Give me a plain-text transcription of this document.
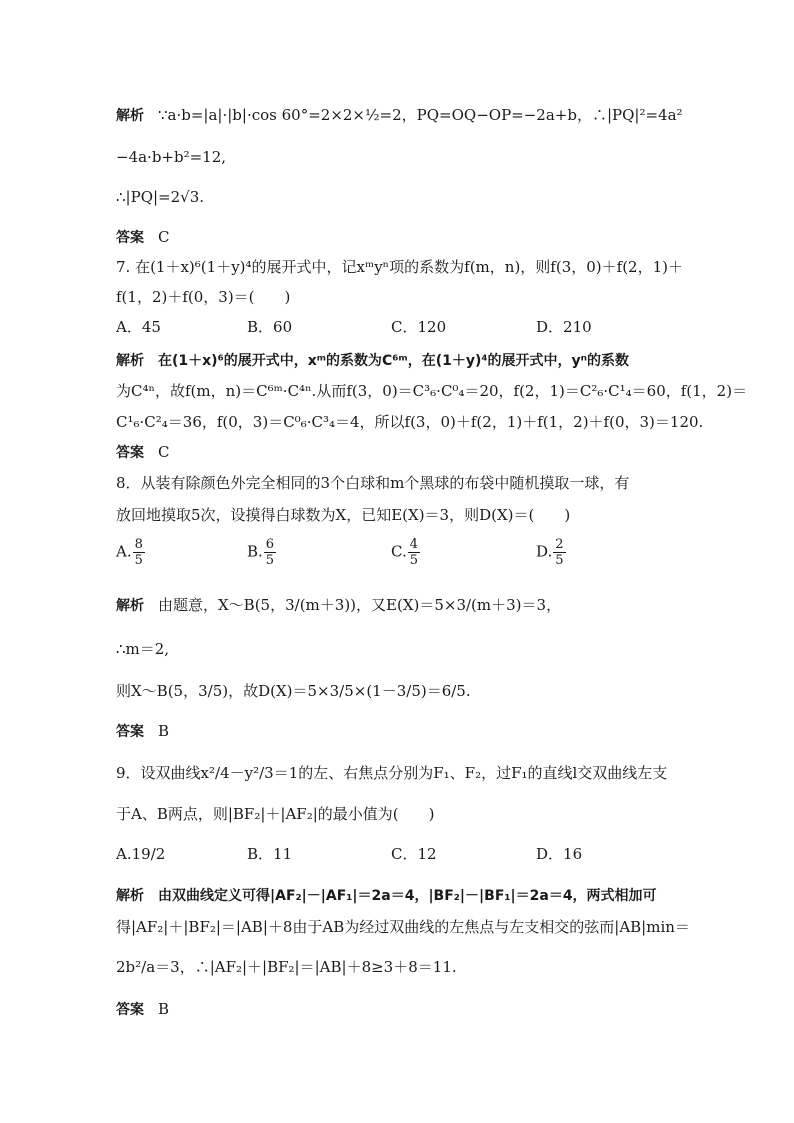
解析 ∵a·b=|a|·|b|·cos 60°=2×2×½=2，PQ=OQ−OP=−2a+b，∴|PQ|²=4a²
−4a·b+b²=12,
∴|PQ|=2√3.
答案 C
7. 在(1＋x)⁶(1＋y)⁴的展开式中，记xᵐyⁿ项的系数为f(m，n)，则f(3，0)＋f(2，1)＋
f(1，2)＋f(0，3)＝(　　)
A．45	B．60	C．120	D．210
解析 在(1＋x)⁶的展开式中，xᵐ的系数为C⁶ᵐ，在(1＋y)⁴的展开式中，yⁿ的系数
为C⁴ⁿ，故f(m，n)＝C⁶ᵐ·C⁴ⁿ.从而f(3，0)＝C³₆·C⁰₄＝20，f(2，1)＝C²₆·C¹₄＝60，f(1，2)＝
C¹₆·C²₄＝36，f(0，3)＝C⁰₆·C³₄＝4，所以f(3，0)＋f(2，1)＋f(1，2)＋f(0，3)＝120.
答案 C
8．从装有除颜色外完全相同的3个白球和m个黑球的布袋中随机摸取一球，有
放回地摸取5次，设摸得白球数为X，已知E(X)＝3，则D(X)＝(　　)
A. $\frac{8}{5}$	B. $\frac{6}{5}$	C. $\frac{4}{5}$	D. $\frac{2}{5}$
解析 由题意，X～B(5，3/(m＋3))，又E(X)＝5×3/(m＋3)＝3，
∴m＝2,
则X～B(5，3/5)，故D(X)＝5×3/5×(1－3/5)＝6/5.
答案 B
9．设双曲线x²/4－y²/3＝1的左、右焦点分别为F₁、F₂，过F₁的直线l交双曲线左支
于A、B两点，则|BF₂|＋|AF₂|的最小值为(　　)
A.19/2	B．11	C．12	D．16
解析 由双曲线定义可得|AF₂|－|AF₁|＝2a＝4，|BF₂|－|BF₁|＝2a＝4，两式相加可
得|AF₂|＋|BF₂|＝|AB|＋8由于AB为经过双曲线的左焦点与左支相交的弦而|AB|min＝
2b²/a＝3，∴|AF₂|＋|BF₂|＝|AB|＋8≥3＋8＝11.
答案 B
